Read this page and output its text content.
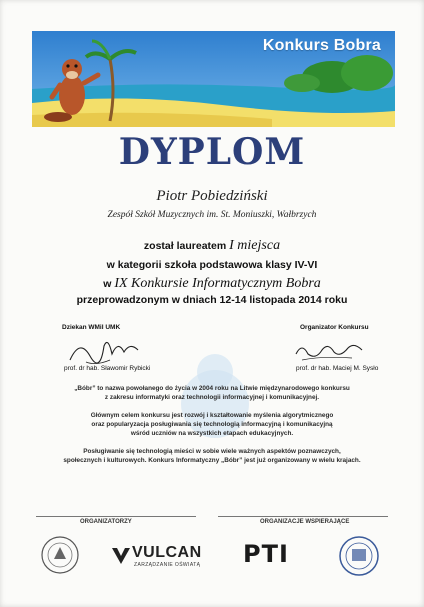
Konkurs Bobra
DYPLOM
Piotr Pobiedziński
Zespół Szkół Muzycznych im. St. Moniuszki, Wałbrzych
został laureatem I miejsca
w kategorii szkoła podstawowa klasy IV-VI
w IX Konkursie Informatycznym Bobra
przeprowadzonym w dniach 12-14 listopada 2014 roku
Dziekan WMiI UMK
prof. dr hab. Sławomir Rybicki
Organizator Konkursu
prof. dr hab. Maciej M. Sysło
„Bóbr” to nazwa powołanego do życia w 2004 roku na Litwie międzynarodowego konkursu
z zakresu informatyki oraz technologii informacyjnej i komunikacyjnej.
Głównym celem konkursu jest rozwój i kształtowanie myślenia algorytmicznego
oraz popularyzacja posługiwania się technologią informacyjną i komunikacyjną
wśród uczniów na wszystkich etapach edukacyjnych.
Posługiwanie się technologią mieści w sobie wiele ważnych aspektów poznawczych,
społecznych i kulturowych. Konkurs Informatyczny „Bóbr” jest już organizowany w wielu krajach.
ORGANIZATORZY	ORGANIZACJE WSPIERAJĄCE
VULCAN
ZARZĄDZANIE OŚWIATĄ PTI
